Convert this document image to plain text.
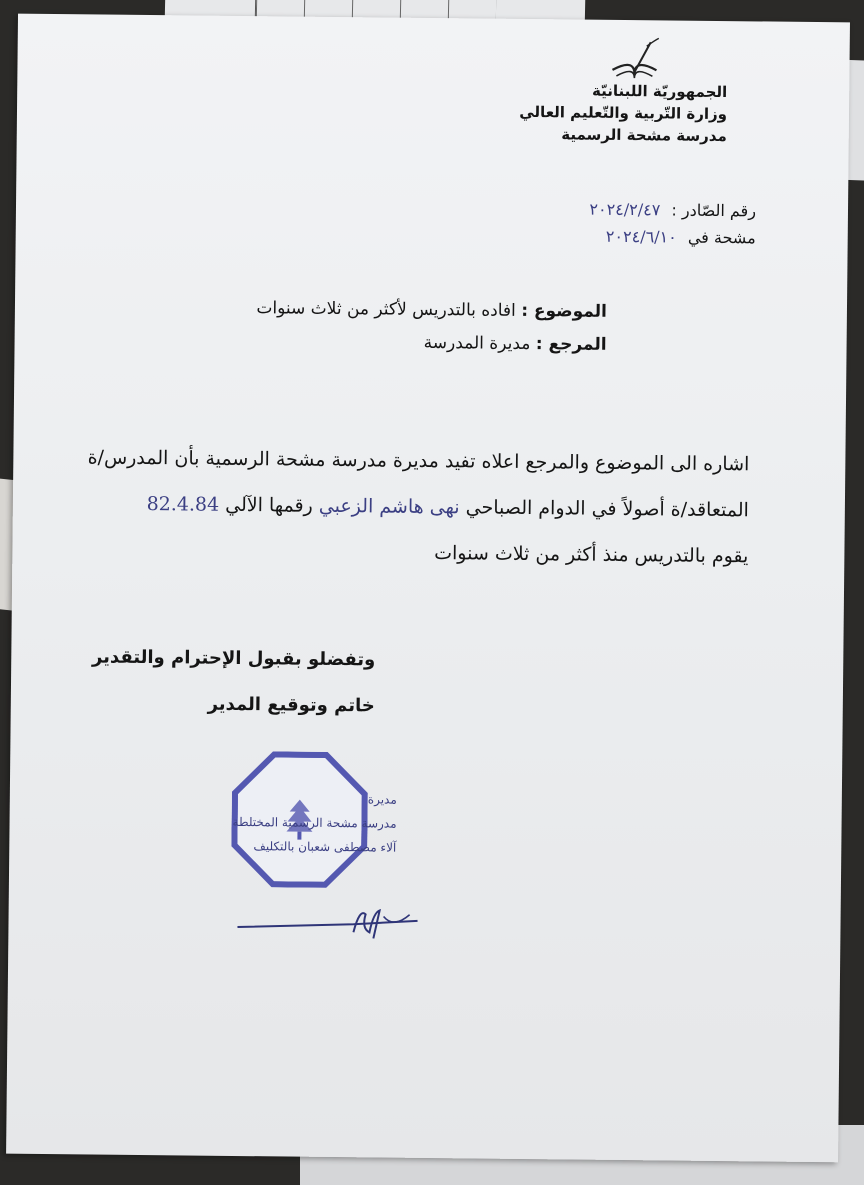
الجمهوريّة اللبنانيّة
وزارة التّربية والتّعليم العالي
مدرسة مشحة الرسمية
رقم الصّادر : ٢٠٢٤/٢/٤٧
مشحة في ٢٠٢٤/٦/١٠
الموضوع : افاده بالتدريس لأكثر من ثلاث سنوات
المرجع : مديرة المدرسة
اشاره الى الموضوع والمرجع اعلاه تفيد مديرة مدرسة مشحة الرسمية بأن المدرس/ة
المتعاقد/ة أصولاً في الدوام الصباحي نهى هاشم الزعبي رقمها الآلي 82.4.84
يقوم بالتدريس منذ أكثر من ثلاث سنوات
وتفضلو بقبول الإحترام والتقدير
خاتم وتوقيع المدير
مديرة
مدرسة مشحة الرسمية المختلطة
آلاء مصطفى شعبان بالتكليف
